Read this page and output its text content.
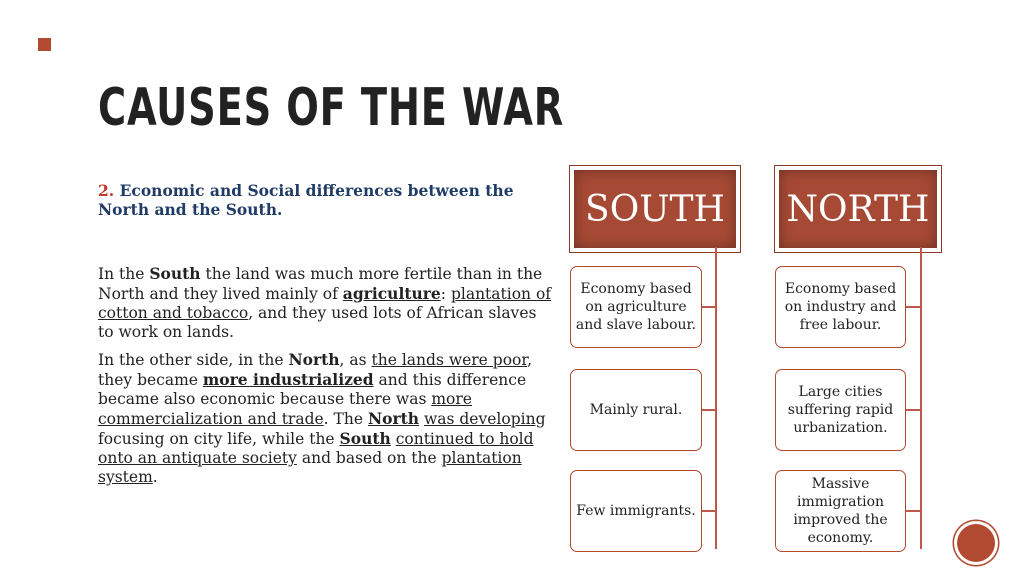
CAUSES OF THE WAR
2. Economic and Social differences between the North and the South.

In the South the land was much more fertile than in the North and they lived mainly of agriculture: plantation of cotton and tobacco, and they used lots of African slaves to work on lands.

In the other side, in the North, as the lands were poor, they became more industrialized and this difference became also economic because there was more commercialization and trade. The North was developing focusing on city life, while the South continued to hold onto an antiquate society and based on the plantation system.

SOUTH
Economy based on agriculture and slave labour.
Mainly rural.
Few immigrants.
NORTH
Economy based on industry and free labour.
Large cities suffering rapid urbanization.
Massive immigration improved the economy.
